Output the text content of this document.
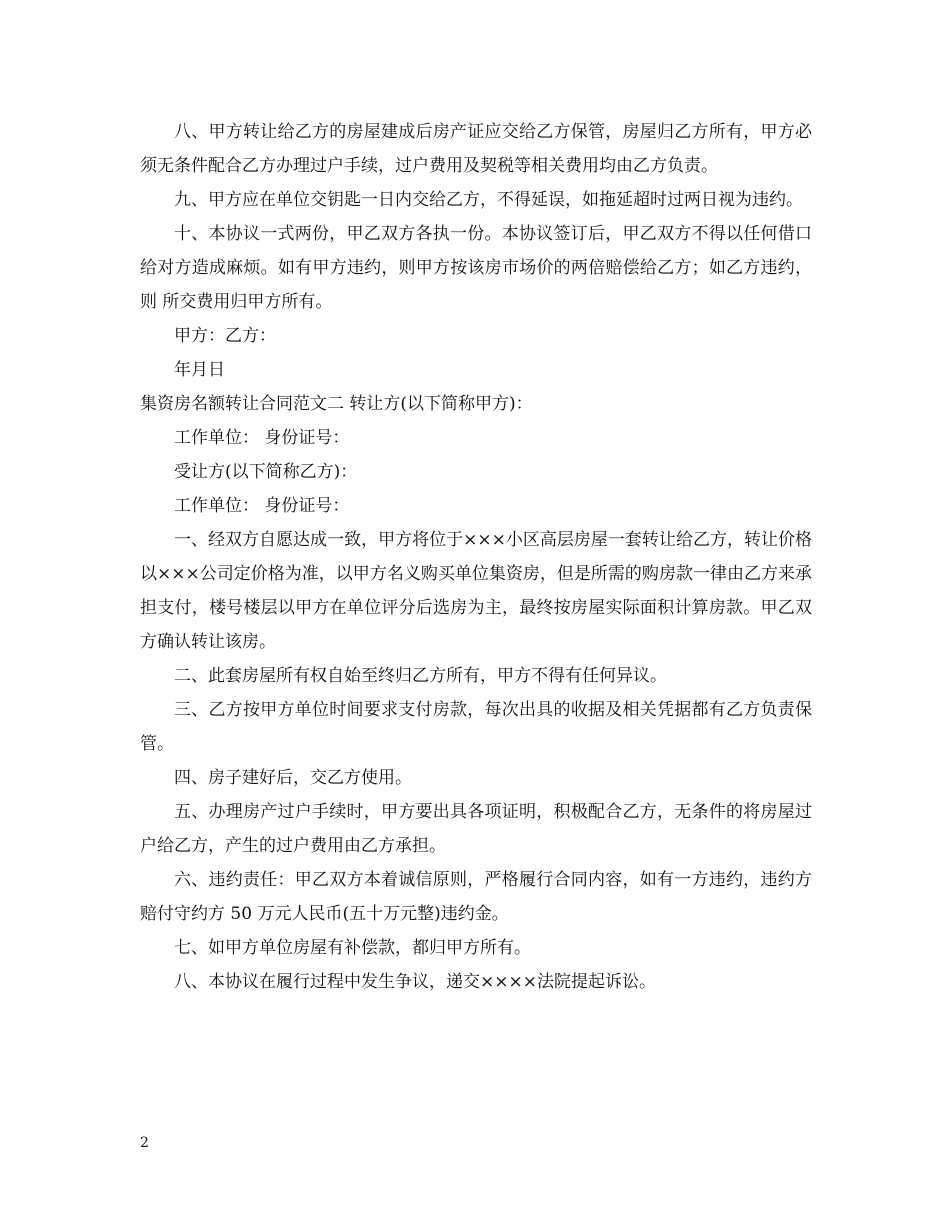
八、甲方转让给乙方的房屋建成后房产证应交给乙方保管，房屋归乙方所有，甲方必 须无条件配合乙方办理过户手续，过户费用及契税等相关费用均由乙方负责。

九、甲方应在单位交钥匙一日内交给乙方，不得延误，如拖延超时过两日视为违约。

十、本协议一式两份，甲乙双方各执一份。本协议签订后，甲乙双方不得以任何借口给对方造成麻烦。如有甲方违约，则甲方按该房市场价的两倍赔偿给乙方；如乙方违约，则 所交费用归甲方所有。

甲方：乙方：

年月日

集资房名额转让合同范文二 转让方(以下简称甲方)：

工作单位： 身份证号：

受让方(以下简称乙方)：

工作单位： 身份证号：

一、经双方自愿达成一致，甲方将位于×××小区高层房屋一套转让给乙方，转让价格以×××公司定价格为准，以甲方名义购买单位集资房，但是所需的购房款一律由乙方来承担支付，楼号楼层以甲方在单位评分后选房为主，最终按房屋实际面积计算房款。甲乙双方确认转让该房。

二、此套房屋所有权自始至终归乙方所有，甲方不得有任何异议。

三、乙方按甲方单位时间要求支付房款，每次出具的收据及相关凭据都有乙方负责保管。

四、房子建好后，交乙方使用。

五、办理房产过户手续时，甲方要出具各项证明，积极配合乙方，无条件的将房屋过户给乙方，产生的过户费用由乙方承担。

六、违约责任：甲乙双方本着诚信原则，严格履行合同内容，如有一方违约，违约方赔付守约方 50 万元人民币(五十万元整)违约金。

七、如甲方单位房屋有补偿款，都归甲方所有。

八、本协议在履行过程中发生争议，递交××××法院提起诉讼。

2
